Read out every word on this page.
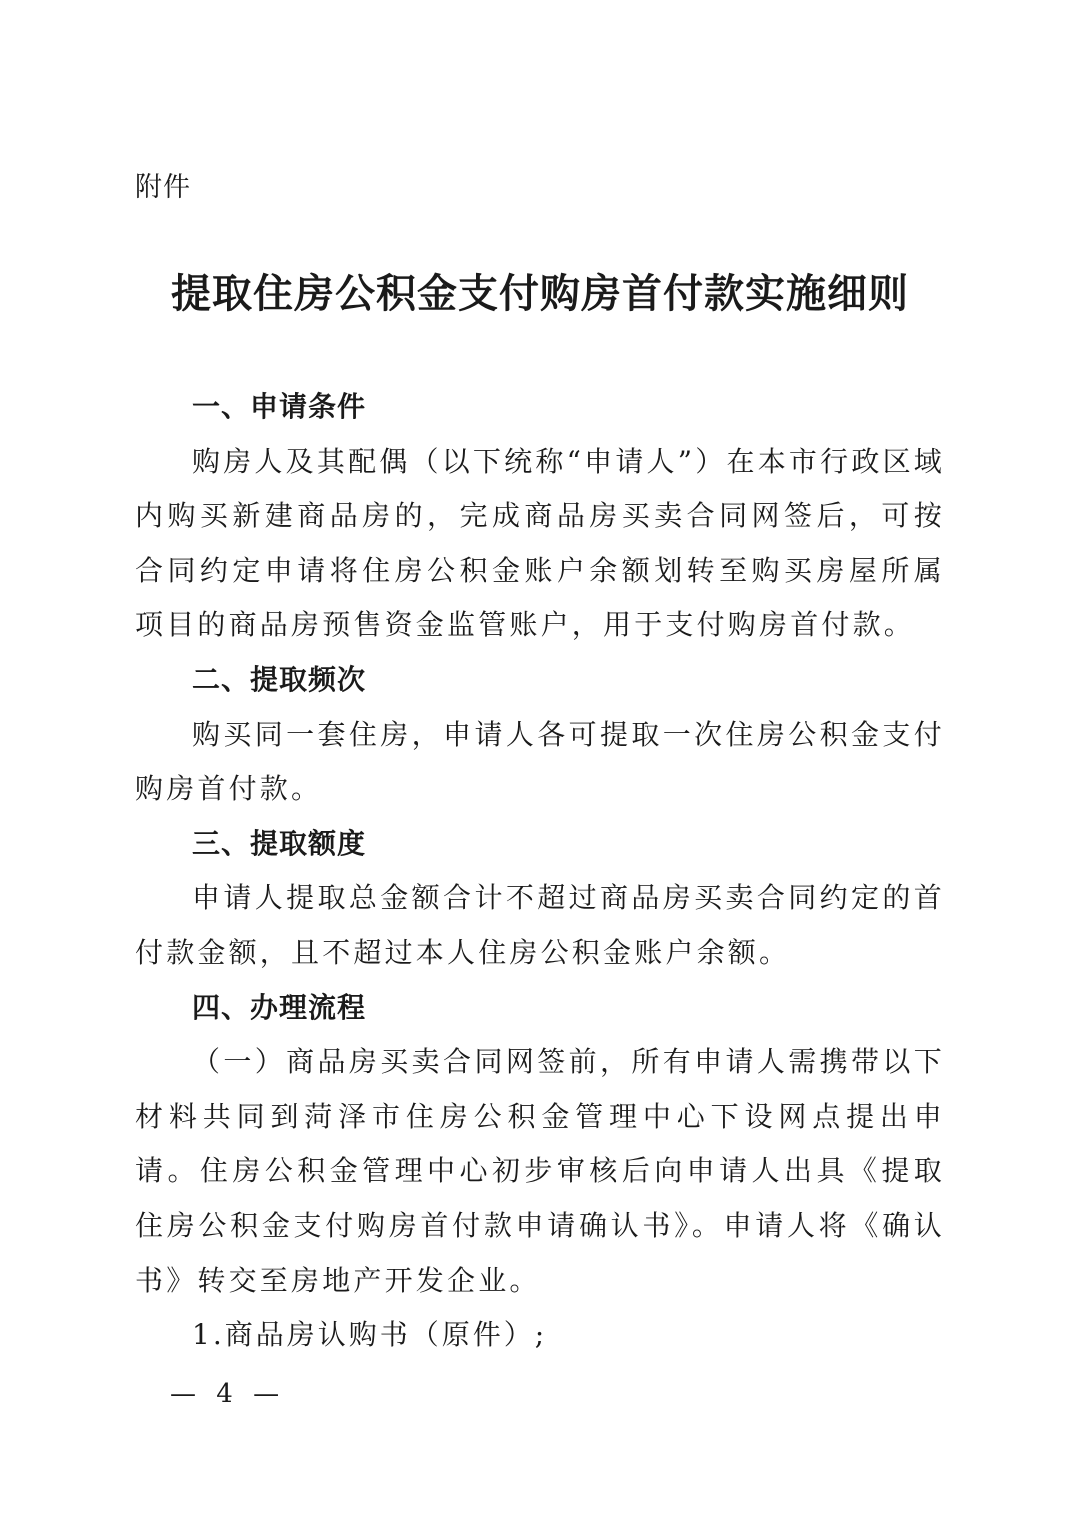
附件
提取住房公积金支付购房首付款实施细则
一、申请条件

购房人及其配偶（以下统称“申请人”）在本市行政区域内购买新建商品房的，完成商品房买卖合同网签后，可按合同约定申请将住房公积金账户余额划转至购买房屋所属项目的商品房预售资金监管账户，用于支付购房首付款。

二、提取频次

购买同一套住房，申请人各可提取一次住房公积金支付购房首付款。

三、提取额度

申请人提取总金额合计不超过商品房买卖合同约定的首付款金额，且不超过本人住房公积金账户余额。

四、办理流程

（一）商品房买卖合同网签前，所有申请人需携带以下材料共同到菏泽市住房公积金管理中心下设网点提出申请。住房公积金管理中心初步审核后向申请人出具《提取住房公积金支付购房首付款申请确认书》。申请人将《确认书》转交至房地产开发企业。

1.商品房认购书（原件）;

— 4 —
